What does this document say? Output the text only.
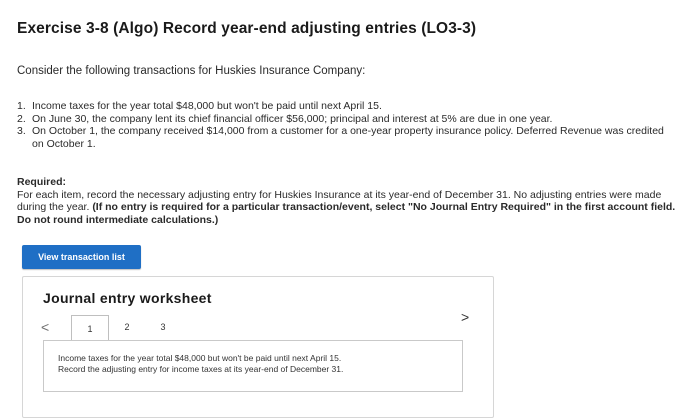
Exercise 3-8 (Algo) Record year-end adjusting entries (LO3-3)
Consider the following transactions for Huskies Insurance Company:
1. Income taxes for the year total $48,000 but won't be paid until next April 15.
2. On June 30, the company lent its chief financial officer $56,000; principal and interest at 5% are due in one year.
3. On October 1, the company received $14,000 from a customer for a one-year property insurance policy. Deferred Revenue was credited on October 1.
Required:
For each item, record the necessary adjusting entry for Huskies Insurance at its year-end of December 31. No adjusting entries were made during the year. (If no entry is required for a particular transaction/event, select "No Journal Entry Required" in the first account field. Do not round intermediate calculations.)
View transaction list
Journal entry worksheet
<	1	2	3
>
Income taxes for the year total $48,000 but won't be paid until next April 15.
Record the adjusting entry for income taxes at its year-end of December 31.
